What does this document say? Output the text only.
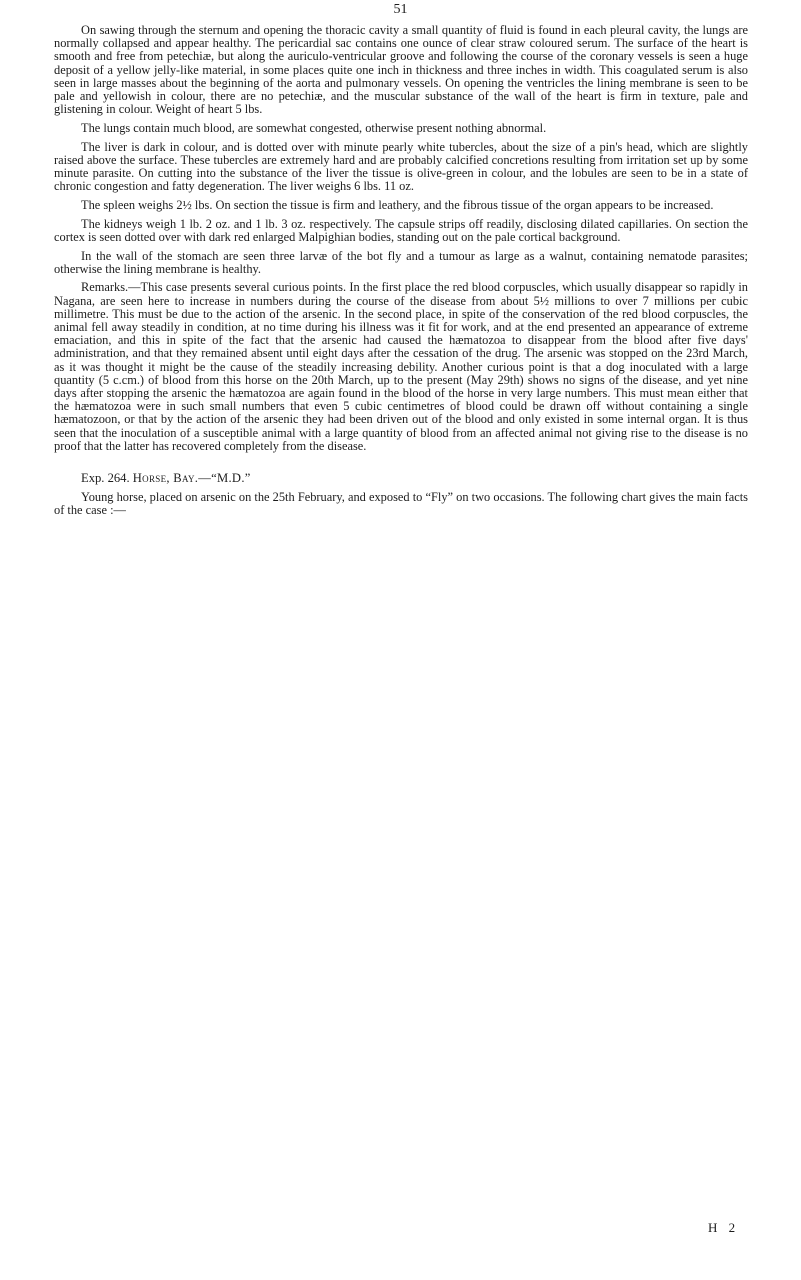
51

On sawing through the sternum and opening the thoracic cavity a small quantity of fluid is found in each pleural cavity, the lungs are normally collapsed and appear healthy. The pericardial sac contains one ounce of clear straw coloured serum. The surface of the heart is smooth and free from petechiæ, but along the auriculo-ventricular groove and following the course of the coronary vessels is seen a huge deposit of a yellow jelly-like material, in some places quite one inch in thickness and three inches in width. This coagulated serum is also seen in large masses about the beginning of the aorta and pulmonary vessels. On opening the ventricles the lining membrane is seen to be pale and yellowish in colour, there are no petechiæ, and the muscular substance of the wall of the heart is firm in texture, pale and glistening in colour. Weight of heart 5 lbs.

The lungs contain much blood, are somewhat congested, otherwise present nothing abnormal.

The liver is dark in colour, and is dotted over with minute pearly white tubercles, about the size of a pin's head, which are slightly raised above the surface. These tubercles are extremely hard and are probably calcified concretions resulting from irritation set up by some minute parasite. On cutting into the substance of the liver the tissue is olive-green in colour, and the lobules are seen to be in a state of chronic congestion and fatty degeneration. The liver weighs 6 lbs. 11 oz.

The spleen weighs 2½ lbs. On section the tissue is firm and leathery, and the fibrous tissue of the organ appears to be increased.

The kidneys weigh 1 lb. 2 oz. and 1 lb. 3 oz. respectively. The capsule strips off readily, disclosing dilated capillaries. On section the cortex is seen dotted over with dark red enlarged Malpighian bodies, standing out on the pale cortical background.

In the wall of the stomach are seen three larvæ of the bot fly and a tumour as large as a walnut, containing nematode parasites; otherwise the lining membrane is healthy.

Remarks.—This case presents several curious points. In the first place the red blood corpuscles, which usually disappear so rapidly in Nagana, are seen here to increase in numbers during the course of the disease from about 5½ millions to over 7 millions per cubic millimetre. This must be due to the action of the arsenic. In the second place, in spite of the conservation of the red blood corpuscles, the animal fell away steadily in condition, at no time during his illness was it fit for work, and at the end presented an appearance of extreme emaciation, and this in spite of the fact that the arsenic had caused the hæmatozoa to disappear from the blood after five days' administration, and that they remained absent until eight days after the cessation of the drug. The arsenic was stopped on the 23rd March, as it was thought it might be the cause of the steadily increasing debility. Another curious point is that a dog inoculated with a large quantity (5 c.cm.) of blood from this horse on the 20th March, up to the present (May 29th) shows no signs of the disease, and yet nine days after stopping the arsenic the hæmatozoa are again found in the blood of the horse in very large numbers. This must mean either that the hæmatozoa were in such small numbers that even 5 cubic centimetres of blood could be drawn off without containing a single hæmatozoon, or that by the action of the arsenic they had been driven out of the blood and only existed in some internal organ. It is thus seen that the inoculation of a susceptible animal with a large quantity of blood from an affected animal not giving rise to the disease is no proof that the latter has recovered completely from the disease.

Exp. 264. Horse, Bay.—“M.D.”

Young horse, placed on arsenic on the 25th February, and exposed to “Fly” on two occasions. The following chart gives the main facts of the case :—

H 2
